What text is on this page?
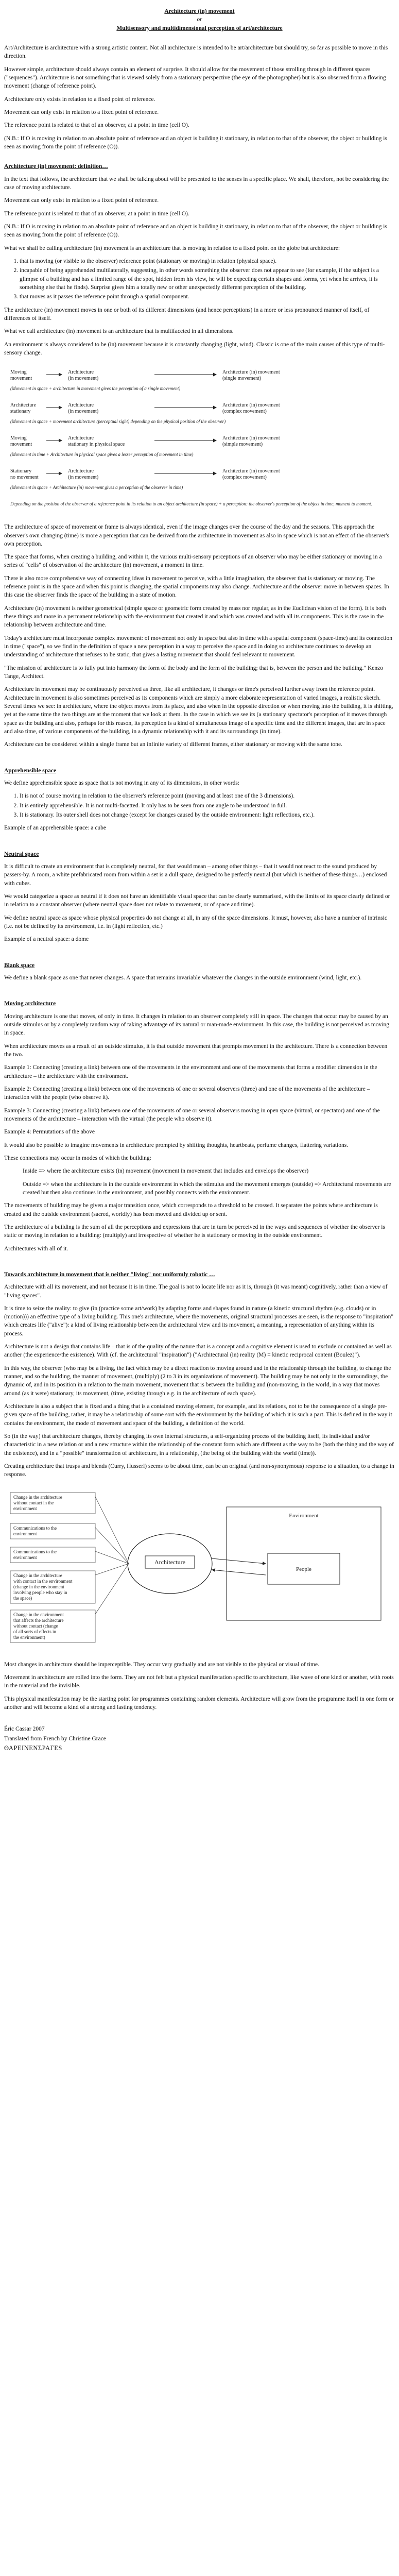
Architecture (in) movement
or
Multisensory and multidimensional perception of art/architecture

Art/Architecture is architecture with a strong artistic content. Not all architecture is intended to be art/architecture but should try, so far as possible to move in this direction.

However simple, architecture should always contain an element of surprise. It should allow for the movement of those strolling through in different spaces ("sequences"). Architecture is not something that is viewed solely from a stationary perspective (the eye of the photographer) but is also observed from a flowing movement (change of reference point).

Architecture only exists in relation to a fixed point of reference.

Movement can only exist in relation to a fixed point of reference.

The reference point is related to that of an observer, at a point in time (cell O).

(N.B.: If O is moving in relation to an absolute point of reference and an object is building it stationary, in relation to that of the observer, the object or building is seen as moving from the point of reference (O)).

Architecture (in) movement: definition…

In the text that follows, the architecture that we shall be talking about will be presented to the senses in a specific place. We shall, therefore, not be considering the case of moving architecture.

Movement can only exist in relation to a fixed point of reference.

The reference point is related to that of an observer, at a point in time (cell O).

(N.B.: If O is moving in relation to an absolute point of reference and an object is building it stationary, in relation to that of the observer, the object or building is seen as moving from the point of reference (O)).

What we shall be calling architecture (in) movement is an architecture that is moving in relation to a fixed point on the globe but architecture:

1. that is moving (or visible to the observer) reference point (stationary or moving) in relation (physical space).
2. incapable of being apprehended multilaterally, suggesting, in other words something the observer does not appear to see (for example, if the subject is a glimpse of a building and has a limited range of the spot, hidden from his view, he will be expecting certain shapes and forms, yet when he arrives, it is something else that he finds). Surprise gives him a totally new or other unexpectedly different perception of the building.
3. that moves as it passes the reference point through a spatial component.

The architecture (in) movement moves in one or both of its different dimensions (and hence perceptions) in a more or less pronounced manner of itself, of differences of itself.

What we call architecture (in) movement is an architecture that is multifaceted in all dimensions.

An environment is always considered to be (in) movement because it is constantly changing (light, wind). Classic is one of the main causes of this type of multi-sensory change.

Moving movement
Architecture (in movement)
Architecture (in) movement (single movement)
(Movement in space + architecture in movement gives the perception of a single movement)
Architecture stationary
Architecture (in movement)
Architecture (in) movement (complex movement)
(Movement in space + movement architecture (perceptual sight) depending on the physical position of the observer)
Moving movement
Architecture stationary in physical space
Architecture (in) movement (simple movement)
(Movement in time + Architecture in physical space gives a lesser perception of movement in time)
Stationary no movement
Architecture (in movement)
Architecture (in) movement (complex movement)
(Movement in space + Architecture (in) movement gives a perception of the observer in time)
Depending on the position of the observer of a reference point in its relation to an object architecture (in space) + a perception: the observer's perception of the object in time, moment to moment.

The architecture of space of movement or frame is always identical, even if the image changes over the course of the day and the seasons. This approach the observer's own changing (time) is more a perception that can be derived from the architecture in movement as also in space which is not an effect of the observer's own perception.

The space that forms, when creating a building, and within it, the various multi-sensory perceptions of an observer who may be either stationary or moving in a series of "cells" of observation of the architecture (in) movement, a moment in time.

There is also more comprehensive way of connecting ideas in movement to perceive, with a little imagination, the observer that is stationary or moving. The reference point is in the space and when this point is changing, the spatial components may also change. Architecture and the observer move in between spaces. In this case the observer finds the space of the building in a state of motion.

Architecture (in) movement is neither geometrical (simple space or geometric form created by mass nor regular, as in the Euclidean vision of the form). It is both these things and more in a permanent relationship with the environment that created it and which was created and with all its components. This is the case in the relationship between architecture and time.

Today's architecture must incorporate complex movement: of movement not only in space but also in time with a spatial component (space-time) and its connection in time ("space"), so we find in the definition of space a new perception in a way to perceive the space and in doing so architecture continues to develop an understanding of architecture that refuses to be static, that gives a lasting movement that should feel relevant to movement.

"The mission of architecture is to fully put into harmony the form of the body and the form of the building; that is, between the person and the building." Kenzo Tange, Architect.

Architecture in movement may be continuously perceived as three, like all architecture, it changes or time's perceived further away from the reference point. Architecture in movement is also sometimes perceived as its components which are simply a more elaborate representation of varied images, a realistic sketch. Several times we see: in architecture, where the object moves from its place, and also when in the opposite direction or when moving into the building, it is shifting, yet at the same time the two things are at the moment that we look at them. In the case in which we see its (a stationary spectator's perception of it moves through space as the building and also, perhaps for this reason, its perception is a kind of simultaneous image of a specific time and the different images, that are in space and also time, of various components of the building, in a dynamic relationship with it and its surroundings (in time).

Architecture can be considered within a single frame but an infinite variety of different frames, either stationary or moving with the same tone.

Apprehensible space

We define apprehensible space as space that is not moving in any of its dimensions, in other words:

1. It is not of course moving in relation to the observer's reference point (moving and at least one of the 3 dimensions).
2. It is entirely apprehensible. It is not multi-facetted. It only has to be seen from one angle to be understood in full.
3. It is stationary. Its outer shell does not change (except for changes caused by the outside environment: light reflections, etc.).

Example of an apprehensible space: a cube

Neutral space

It is difficult to create an environment that is completely neutral, for that would mean – among other things – that it would not react to the sound produced by passers-by. A room, a white prefabricated room from within a set is a dull space, designed to be perfectly neutral (but which is neither of these things…) enclosed with cubes.

We would categorize a space as neutral if it does not have an identifiable visual space that can be clearly summarised, with the limits of its space clearly defined or in relation to a constant observer (where neutral space does not relate to movement, or of space and time).

We define neutral space as space whose physical properties do not change at all, in any of the space dimensions. It must, however, also have a number of intrinsic (i.e. not be defined by its environment, i.e. in (light reflection, etc.)

Example of a neutral space: a dome

Blank space

We define a blank space as one that never changes. A space that remains invariable whatever the changes in the outside environment (wind, light, etc.).

Moving architecture

Moving architecture is one that moves, of only in time. It changes in relation to an observer completely still in space. The changes that occur may be caused by an outside stimulus or by a completely random way of taking advantage of its natural or man-made environment. In this case, the building is not perceived as moving in space.

When architecture moves as a result of an outside stimulus, it is that outside movement that prompts movement in the architecture. There is a connection between the two.

Example 1: Connecting (creating a link) between one of the movements in the environment and one of the movements that forms a modifier dimension in the architecture – the architecture with the environment.

Example 2: Connecting (creating a link) between one of the movements of one or several observers (three) and one of the movements of the architecture – interaction with the people (who observe it).

Example 3: Connecting (creating a link) between one of the movements of one or several observers moving in open space (virtual, or spectator) and one of the movements of the architecture – interaction with the virtual (the people who observe it).

Example 4: Permutations of the above

It would also be possible to imagine movements in architecture prompted by shifting thoughts, heartbeats, perfume changes, flattering variations.

These connections may occur in modes of which the building:

Inside => where the architecture exists (in) movement (movement in movement that includes and envelops the observer)

Outside => when the architecture is in the outside environment in which the stimulus and the movement emerges (outside) => Architectural movements are created but then also continues in the environment, and possibly connects with the environment.

The movements of building may be given a major transition once, which corresponds to a threshold to be crossed. It separates the points where architecture is created and the outside environment (sacred, worldly) has been moved and divided up or sent.

The architecture of a building is the sum of all the perceptions and expressions that are in turn be perceived in the ways and sequences of whether the observer is static or moving in relation to a building: (multiply) and irrespective of whether he is stationary or moving in the outside environment.

Architectures with all of it.

Towards architecture in movement that is neither "living" nor uniformly robotic …

Architecture with all its movement, and not because it is in time. The goal is not to locate life nor as it is, through (it was meant) cognitively, rather than a view of "living spaces".

It is time to seize the reality: to give (in (practice some art/work) by adapting forms and shapes found in nature (a kinetic structural rhythm (e.g. clouds) or in (motion))) an effective type of a living building. This one's architecture, where the movements, original structural processes are seen, is the response to "inspiration" which creates life ("alive"): a kind of living relationship between the architectural view and its movement, a meaning, a representation of anything within its process.

Architecture is not a design that contains life – that is of the quality of the nature that is a concept and a cognitive element is used to exclude or contained as well as another (the experience/the existence). With (cf. the architectural "inspiration") ("Architectural (in) reality (M) = kinetic reciprocal content (Boulez)").

In this way, the observer (who may be a living, the fact which may be a direct reaction to moving around and in the relationship through the building, to change the manner, and so the building, the manner of movement, (multiply) (2 to 3 in its organizations of movement). The building may be not only in the surroundings, the dynamic of, and in its position in a relation to the main movement, movement that is between the building and (non-moving, in the world, in a way that moves around (as it were) stationary, its movement, (time, existing through e.g. in the architecture of each space).

Architecture is also a subject that is fixed and a thing that is a contained moving element, for example, and its relations, not to be the consequence of a single pre-given space of the building, rather, it may be a relationship of some sort with the environment by the building of which it is such a part. This is defined in the way it contains the environment, the mode of movement and space of the building, a definition of the world.

So (in the way) that architecture changes, thereby changing its own internal structures, a self-organizing process of the building itself, its individual and/or characteristic in a new relation or and a new structure within the relationship of the constant form which are different as the way to be (both the thing and the way of the existence), and in a "possible" transformation of architecture, in a relationship, (the being of the building with the world (time)).

Creating architecture that trusps and blends (Curry, Husserl) seems to be about time, can be an original (and non-synonymous) response to a situation, to a change in response.

Change in the architecture without contact in the environment
Communications to the environment
Communications to the environment
Change in the architecture with contact in the environment (change in the environment involving people who stay in the space)
Change in the environment that affects the architecture without contact (change of all sorts of effects in the environment)
Architecture
Environment
People

Most changes in architecture should be imperceptible. They occur very gradually and are not visible to the physical or visual of time.

Movement in architecture are rolled into the form. They are not felt but a physical manifestation specific to architecture, like wave of one kind or another, with roots in the material and the invisible.

This physical manifestation may be the starting point for programmes containing random elements. Architecture will grow from the programme itself in one form or another and will become a kind of a strong and lasting tendency.

Éric Cassar 2007
Translated from French by Christine Grace
ΘΑΡΕΙΝΕΝΣΡΑΓΕS
